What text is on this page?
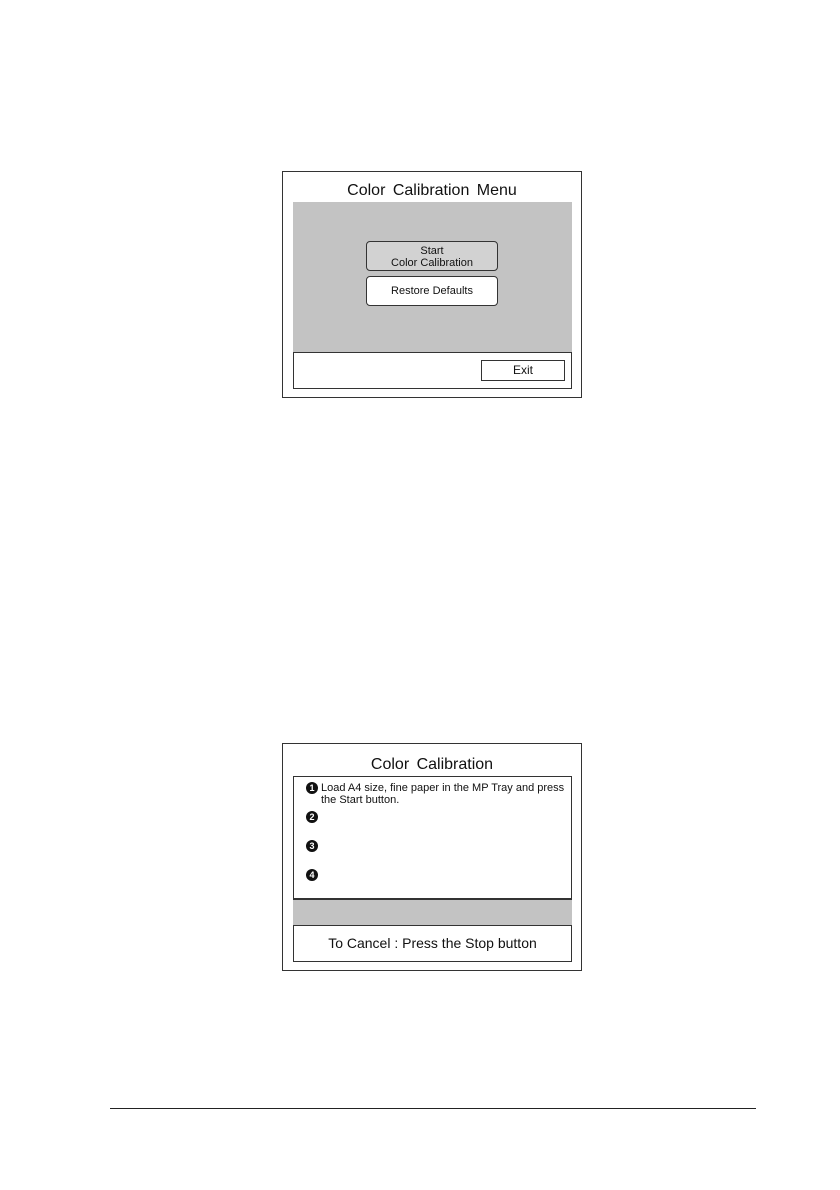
Color Calibration Menu
Start
Color Calibration
Restore Defaults
Exit
Color Calibration
1 Load A4 size, fine paper in the MP Tray and press the Start button.
2
3
4
To Cancel : Press the Stop button
